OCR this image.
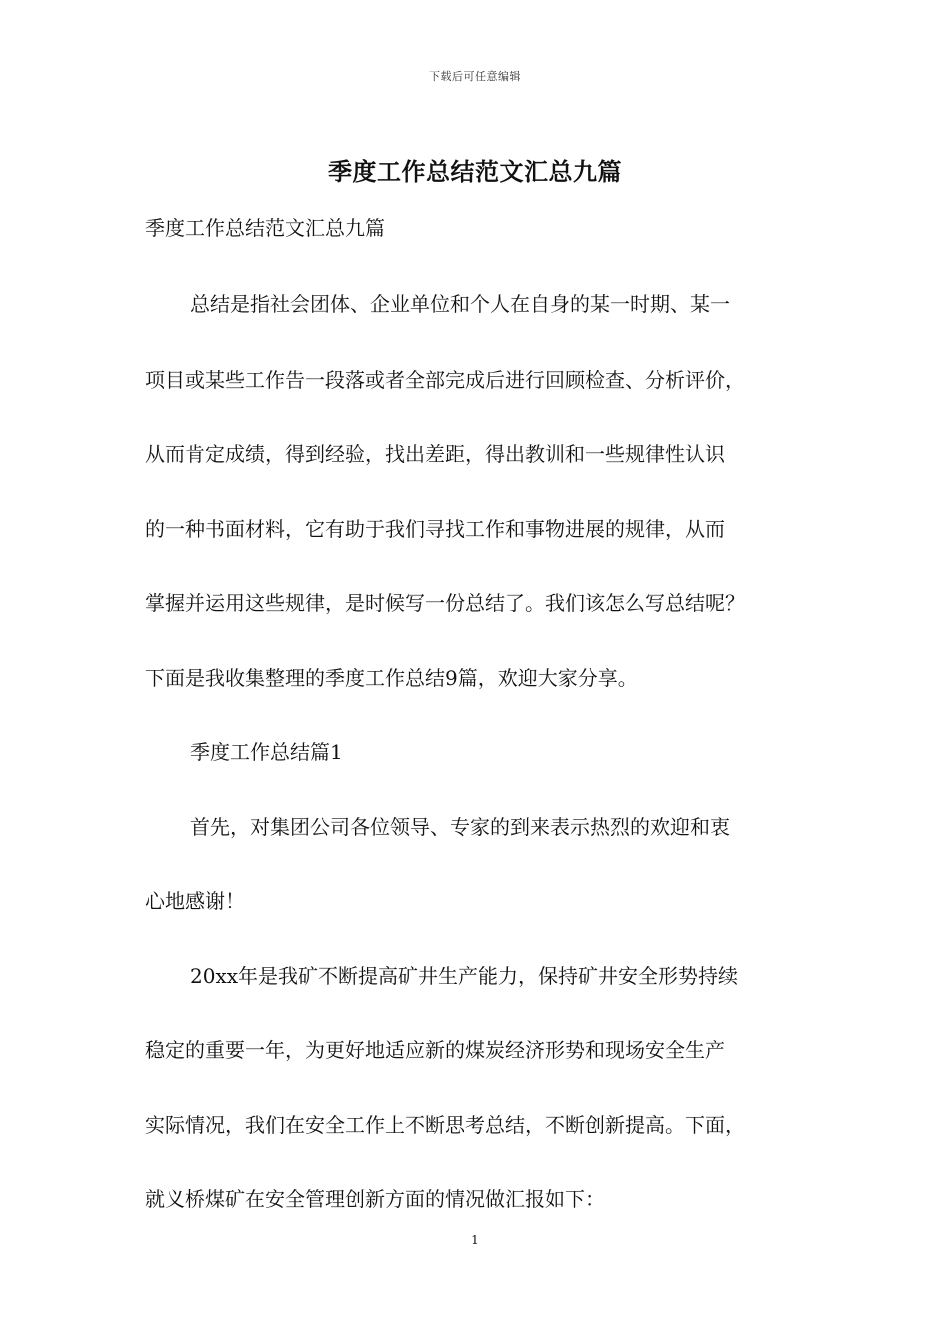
下载后可任意编辑
季度工作总结范文汇总九篇
季度工作总结范文汇总九篇
总结是指社会团体、企业单位和个人在自身的某一时期、某一
项目或某些工作告一段落或者全部完成后进行回顾检查、分析评价，
从而肯定成绩，得到经验，找出差距，得出教训和一些规律性认识
的一种书面材料，它有助于我们寻找工作和事物进展的规律，从而
掌握并运用这些规律，是时候写一份总结了。我们该怎么写总结呢？
下面是我收集整理的季度工作总结9篇，欢迎大家分享。
季度工作总结篇1
首先，对集团公司各位领导、专家的到来表示热烈的欢迎和衷
心地感谢！
20xx年是我矿不断提高矿井生产能力，保持矿井安全形势持续
稳定的重要一年，为更好地适应新的煤炭经济形势和现场安全生产
实际情况，我们在安全工作上不断思考总结，不断创新提高。下面，
就义桥煤矿在安全管理创新方面的情况做汇报如下：
1
